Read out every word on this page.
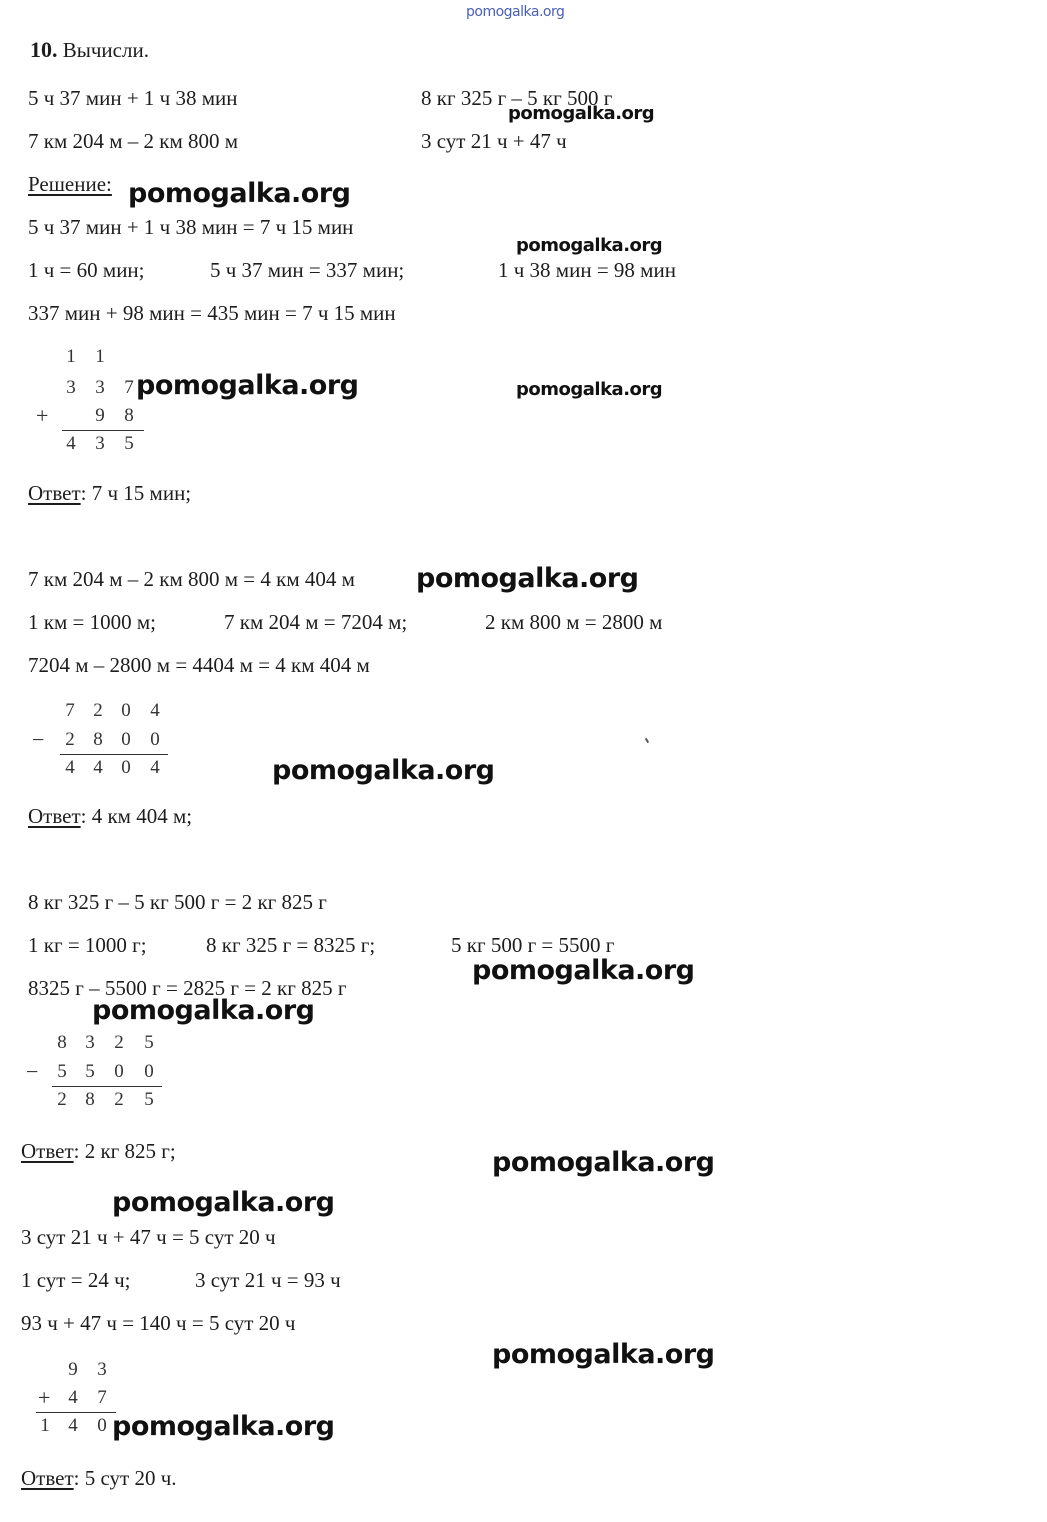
pomogalka.org
10. Вычисли.
5 ч 37 мин + 1 ч 38 мин	8 кг 325 г – 5 кг 500 г
7 км 204 м – 2 км 800 м	3 сут 21 ч + 47 ч
Решение:
5 ч 37 мин + 1 ч 38 мин = 7 ч 15 мин
1 ч = 60 мин;	5 ч 37 мин = 337 мин;	1 ч 38 мин = 98 мин
337 мин + 98 мин = 435 мин = 7 ч 15 мин
1 1
3 3 7
+ 9 8
4 3 5
Ответ: 7 ч 15 мин;
7 км 204 м – 2 км 800 м = 4 км 404 м
1 км = 1000 м;	7 км 204 м = 7204 м;	2 км 800 м = 2800 м
7204 м – 2800 м = 4404 м = 4 км 404 м
7 2 0 4
− 2 8 0 0
4 4 0 4
Ответ: 4 км 404 м;
8 кг 325 г – 5 кг 500 г = 2 кг 825 г
1 кг = 1000 г;	8 кг 325 г = 8325 г;	5 кг 500 г = 5500 г
8325 г – 5500 г = 2825 г = 2 кг 825 г
8 3 2 5
− 5 5 0 0
2 8 2 5
Ответ: 2 кг 825 г;
3 сут 21 ч + 47 ч = 5 сут 20 ч
1 сут = 24 ч;	3 сут 21 ч = 93 ч
93 ч + 47 ч = 140 ч = 5 сут 20 ч
9 3
+ 4 7
1 4 0
Ответ: 5 сут 20 ч.
pomogalka.org
pomogalka.org
pomogalka.org
pomogalka.org	pomogalka.org
pomogalka.org
pomogalka.org
pomogalka.org
pomogalka.org
pomogalka.org
pomogalka.org
pomogalka.org
pomogalka.org
